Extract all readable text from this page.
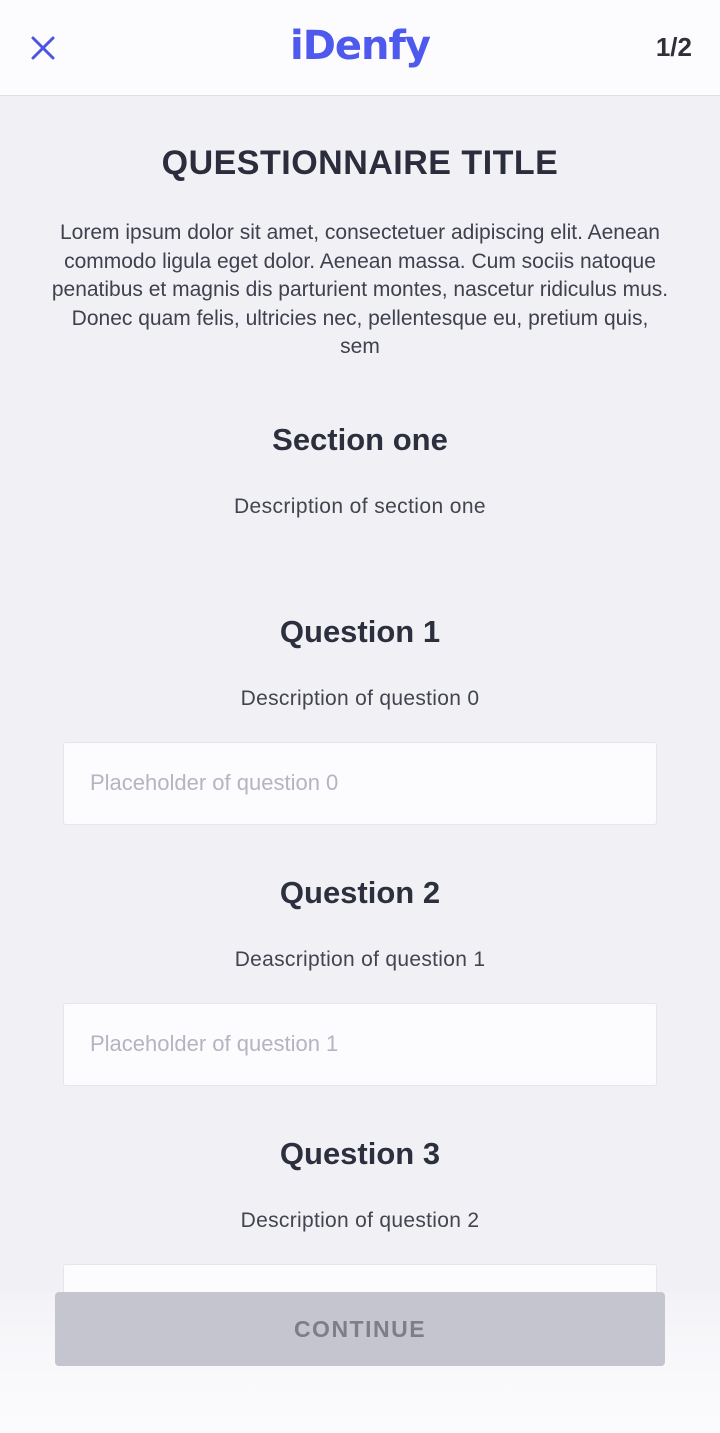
iDenfy	1/2
QUESTIONNAIRE TITLE

Lorem ipsum dolor sit amet, consectetuer adipiscing elit. Aenean commodo ligula eget dolor. Aenean massa. Cum sociis natoque penatibus et magnis dis parturient montes, nascetur ridiculus mus. Donec quam felis, ultricies nec, pellentesque eu, pretium quis, sem

Section one
Description of section one
Question 1
Description of question 0
Placeholder of question 0
Question 2
Deascription of question 1
Placeholder of question 1
Question 3
Description of question 2
CONTINUE
